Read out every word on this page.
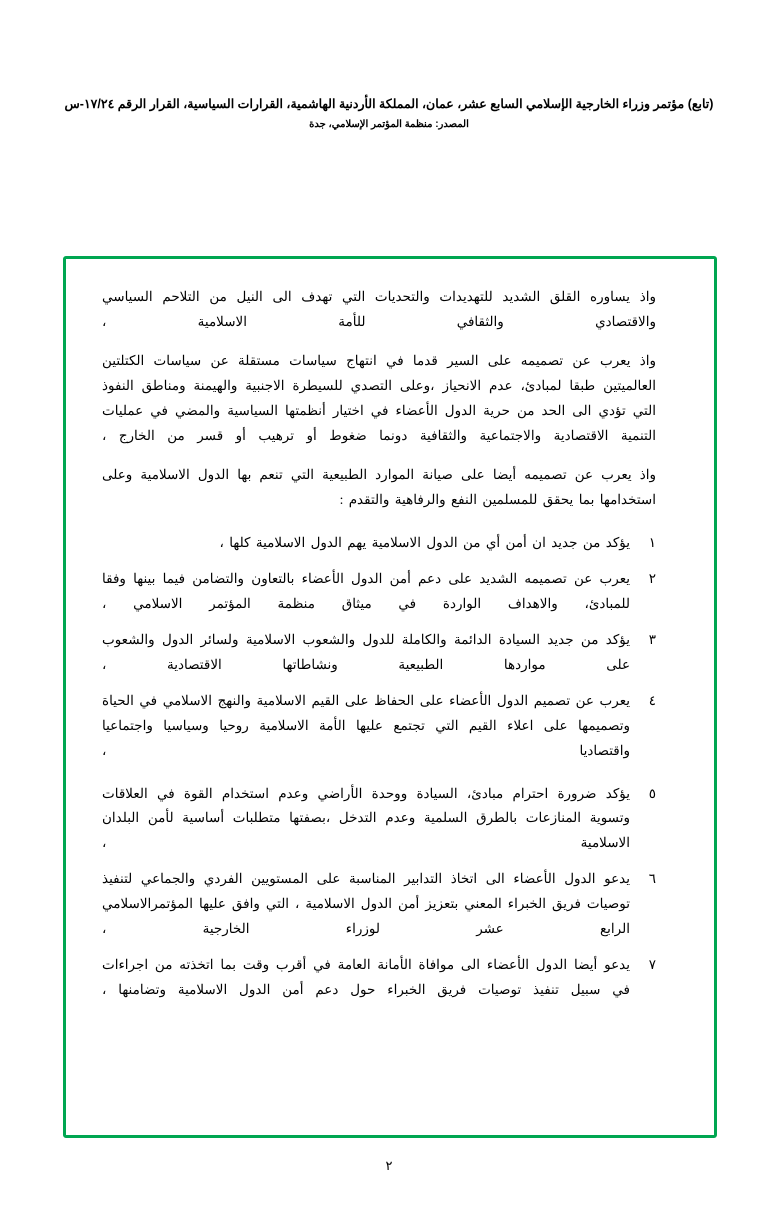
(تابع) مؤتمر وزراء الخارجية الإسلامي السابع عشر، عمان، المملكة الأردنية الهاشمية، القرارات السياسية، القرار الرقم ١٧/٢٤-س
المصدر: منظمة المؤتمر الإسلامي، جدة

واذ يساوره القلق الشديد للتهديدات والتحديات التي تهدف الى النيل من التلاحم السياسي والاقتصادي والثقافي للأمة الاسلامية ،

واذ يعرب عن تصميمه على السير قدما في انتهاج سياسات مستقلة عن سياسات الكتلتين العالميتين طبقا لمبادئ، عدم الانحياز ،وعلى التصدي للسيطرة الاجنبية والهيمنة ومناطق النفوذ التي تؤدي الى الحد من حرية الدول الأعضاء في اختيار أنظمتها السياسية والمضي في عمليات التنمية الاقتصادية والاجتماعية والثقافية دونما ضغوط أو ترهيب أو قسر من الخارج ،

واذ يعرب عن تصميمه أيضا على صيانة الموارد الطبيعية التي تنعم بها الدول الاسلامية وعلى استخدامها بما يحقق للمسلمين النفع والرفاهية والتقدم :

١
يؤكد من جديد ان أمن أي من الدول الاسلامية يهم الدول الاسلامية كلها ،
٢
يعرب عن تصميمه الشديد على دعم أمن الدول الأعضاء بالتعاون والتضامن فيما بينها وفقا للمبادئ، والاهداف الواردة في ميثاق منظمة المؤتمر الاسلامي ،
٣
يؤكد من جديد السيادة الدائمة والكاملة للدول والشعوب الاسلامية ولسائر الدول والشعوب على مواردها الطبيعية ونشاطاتها الاقتصادية ،
٤
يعرب عن تصميم الدول الأعضاء على الحفاظ على القيم الاسلامية والنهج الاسلامي في الحياة وتصميمها على اعلاء القيم التي تجتمع عليها الأمة الاسلامية روحيا وسياسيا واجتماعيا واقتصاديا ،
٥
يؤكد ضرورة احترام مبادئ، السيادة ووحدة الأراضي وعدم استخدام القوة في العلاقات وتسوية المنازعات بالطرق السلمية وعدم التدخل ،بصفتها متطلبات أساسية لأمن البلدان الاسلامية ،
٦
يدعو الدول الأعضاء الى اتخاذ التدابير المناسبة على المستويين الفردي والجماعي لتنفيذ توصيات فريق الخبراء المعني بتعزيز أمن الدول الاسلامية ، التي وافق عليها المؤتمرالاسلامي الرابع عشر لوزراء الخارجية ،
٧
يدعو أيضا الدول الأعضاء الى موافاة الأمانة العامة في أقرب وقت بما اتخذته من اجراءات في سبيل تنفيذ توصيات فريق الخبراء حول دعم أمن الدول الاسلامية وتضامنها ،
٢
